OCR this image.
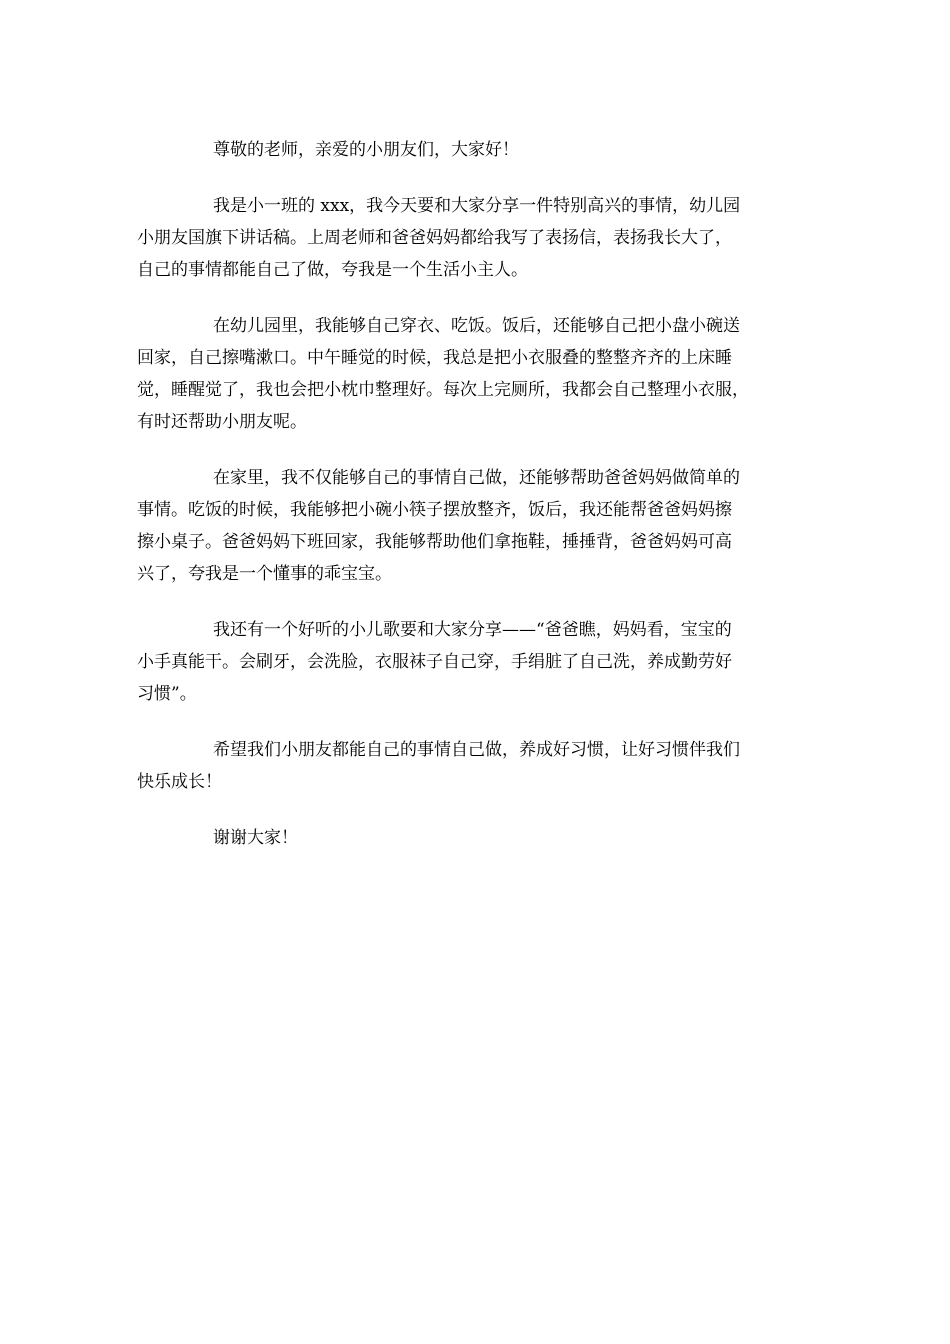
尊敬的老师，亲爱的小朋友们，大家好！

我是小一班的 xxx，我今天要和大家分享一件特别高兴的事情，幼儿园
小朋友国旗下讲话稿。上周老师和爸爸妈妈都给我写了表扬信，表扬我长大了，
自己的事情都能自己了做，夸我是一个生活小主人。

在幼儿园里，我能够自己穿衣、吃饭。饭后，还能够自己把小盘小碗送
回家，自己擦嘴漱口。中午睡觉的时候，我总是把小衣服叠的整整齐齐的上床睡
觉，睡醒觉了，我也会把小枕巾整理好。每次上完厕所，我都会自己整理小衣服，
有时还帮助小朋友呢。

在家里，我不仅能够自己的事情自己做，还能够帮助爸爸妈妈做简单的
事情。吃饭的时候，我能够把小碗小筷子摆放整齐，饭后，我还能帮爸爸妈妈擦
擦小桌子。爸爸妈妈下班回家，我能够帮助他们拿拖鞋，捶捶背，爸爸妈妈可高
兴了，夸我是一个懂事的乖宝宝。

我还有一个好听的小儿歌要和大家分享——“爸爸瞧，妈妈看，宝宝的
小手真能干。会刷牙，会洗脸，衣服袜子自己穿，手绢脏了自己洗，养成勤劳好
习惯”。

希望我们小朋友都能自己的事情自己做，养成好习惯，让好习惯伴我们
快乐成长！

谢谢大家！
